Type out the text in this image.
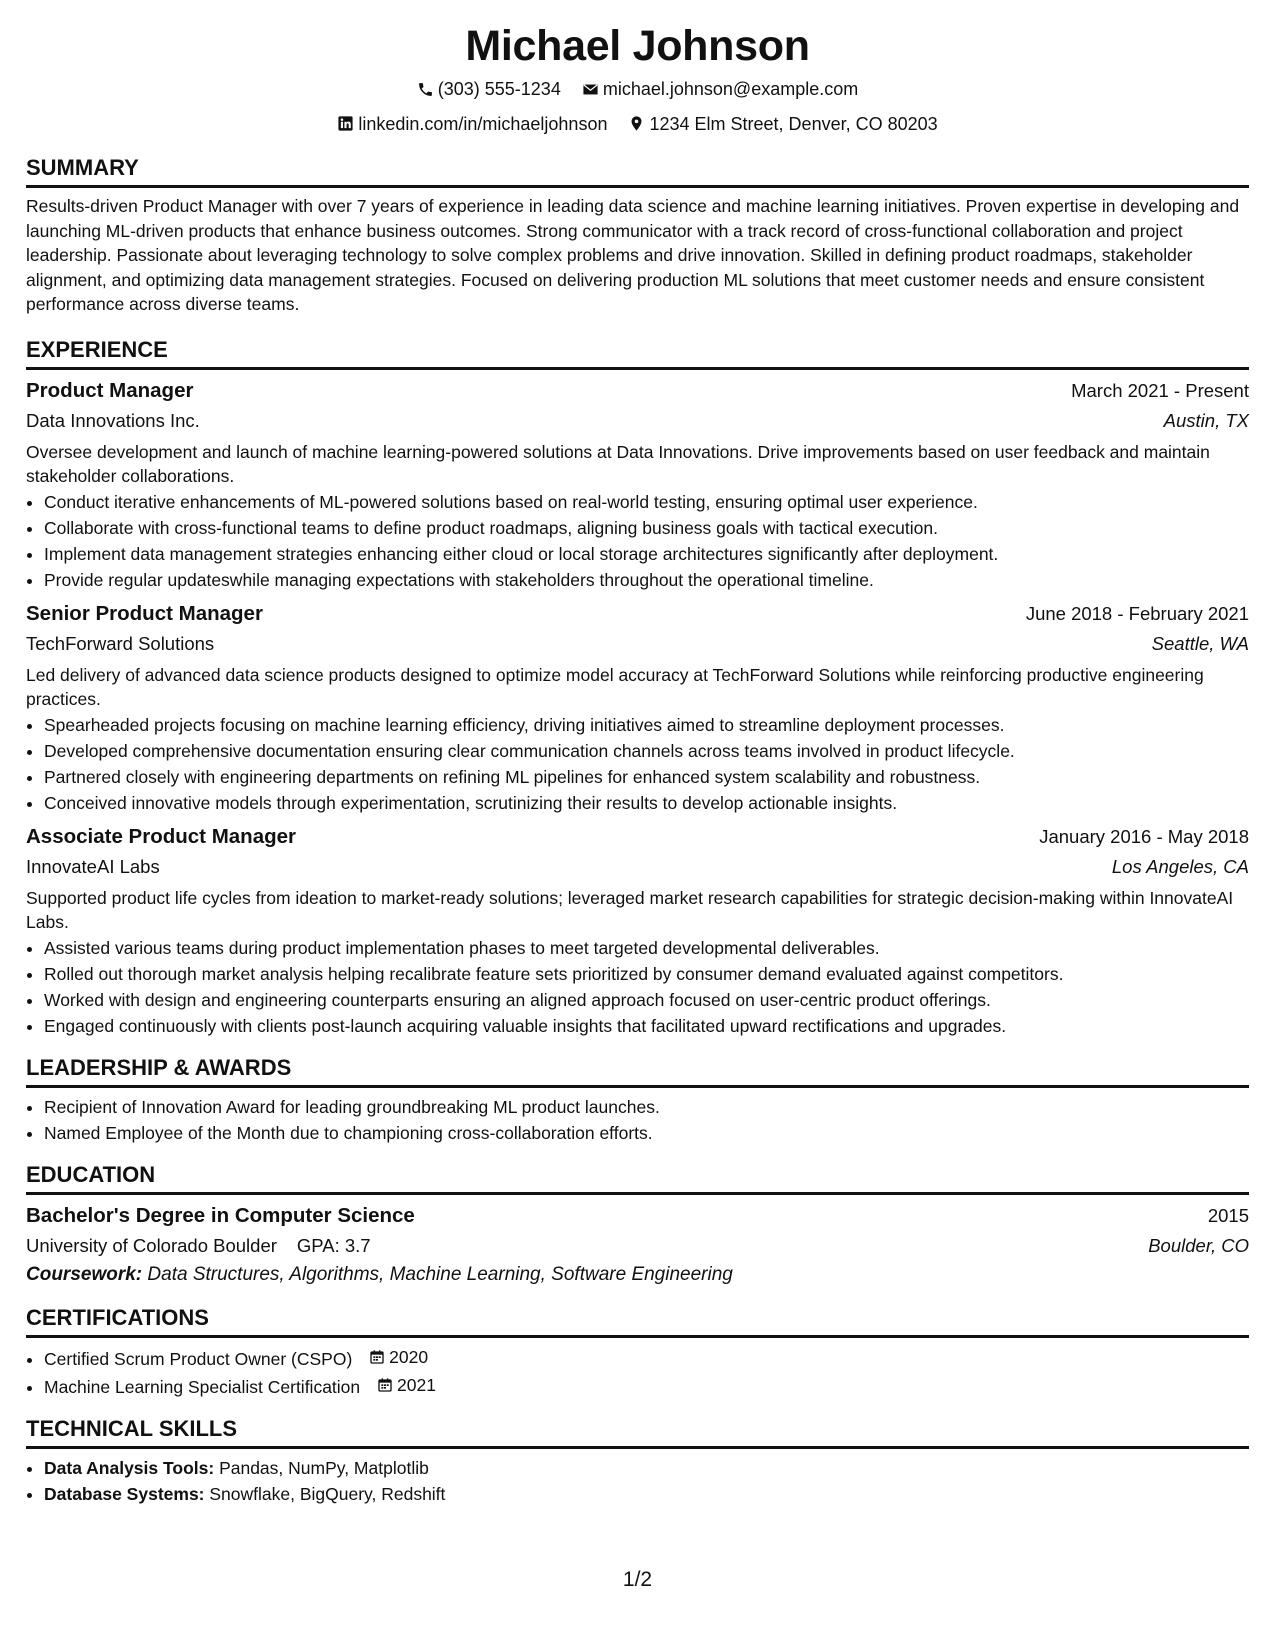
Michael Johnson
(303) 555-1234
michael.johnson@example.com
linkedin.com/in/michaeljohnson
1234 Elm Street, Denver, CO 80203
SUMMARY
Results-driven Product Manager with over 7 years of experience in leading data science and machine learning initiatives. Proven expertise in developing and launching ML-driven products that enhance business outcomes. Strong communicator with a track record of cross-functional collaboration and project leadership. Passionate about leveraging technology to solve complex problems and drive innovation. Skilled in defining product roadmaps, stakeholder alignment, and optimizing data management strategies. Focused on delivering production ML solutions that meet customer needs and ensure consistent performance across diverse teams.
EXPERIENCE
Product Manager	March 2021 - Present
Data Innovations Inc.	Austin, TX
Oversee development and launch of machine learning-powered solutions at Data Innovations. Drive improvements based on user feedback and maintain stakeholder collaborations.
• Conduct iterative enhancements of ML-powered solutions based on real-world testing, ensuring optimal user experience.
• Collaborate with cross-functional teams to define product roadmaps, aligning business goals with tactical execution.
• Implement data management strategies enhancing either cloud or local storage architectures significantly after deployment.
• Provide regular updateswhile managing expectations with stakeholders throughout the operational timeline.
Senior Product Manager	June 2018 - February 2021
TechForward Solutions	Seattle, WA
Led delivery of advanced data science products designed to optimize model accuracy at TechForward Solutions while reinforcing productive engineering practices.
• Spearheaded projects focusing on machine learning efficiency, driving initiatives aimed to streamline deployment processes.
• Developed comprehensive documentation ensuring clear communication channels across teams involved in product lifecycle.
• Partnered closely with engineering departments on refining ML pipelines for enhanced system scalability and robustness.
• Conceived innovative models through experimentation, scrutinizing their results to develop actionable insights.
Associate Product Manager	January 2016 - May 2018
InnovateAI Labs	Los Angeles, CA
Supported product life cycles from ideation to market-ready solutions; leveraged market research capabilities for strategic decision-making within InnovateAI Labs.
• Assisted various teams during product implementation phases to meet targeted developmental deliverables.
• Rolled out thorough market analysis helping recalibrate feature sets prioritized by consumer demand evaluated against competitors.
• Worked with design and engineering counterparts ensuring an aligned approach focused on user-centric product offerings.
• Engaged continuously with clients post-launch acquiring valuable insights that facilitated upward rectifications and upgrades.
LEADERSHIP & AWARDS
• Recipient of Innovation Award for leading groundbreaking ML product launches.
• Named Employee of the Month due to championing cross-collaboration efforts.
EDUCATION
Bachelor's Degree in Computer Science	2015
University of Colorado Boulder GPA: 3.7	Boulder, CO
Coursework: Data Structures, Algorithms, Machine Learning, Software Engineering
CERTIFICATIONS
• Certified Scrum Product Owner (CSPO) 2020
• Machine Learning Specialist Certification 2021
TECHNICAL SKILLS
• Data Analysis Tools: Pandas, NumPy, Matplotlib
• Database Systems: Snowflake, BigQuery, Redshift
1/2
